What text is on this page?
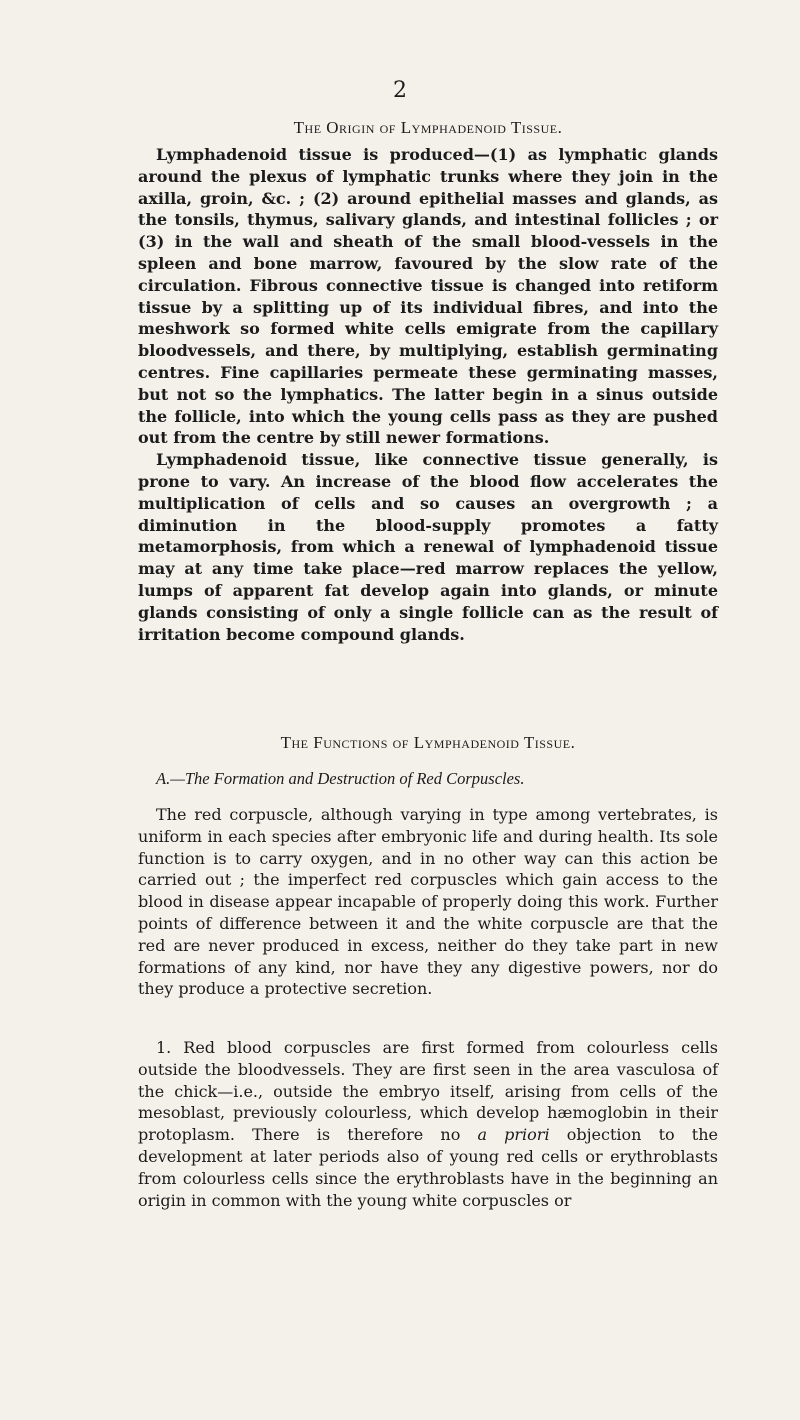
2
The Origin of Lymphadenoid Tissue.

Lymphadenoid tissue is produced—(1) as lymphatic glands around the plexus of lymphatic trunks where they join in the axilla, groin, &c. ; (2) around epithelial masses and glands, as the tonsils, thymus, salivary glands, and intestinal follicles ; or (3) in the wall and sheath of the small blood-vessels in the spleen and bone marrow, favoured by the slow rate of the circulation. Fibrous connective tissue is changed into retiform tissue by a splitting up of its individual fibres, and into the meshwork so formed white cells emigrate from the capillary bloodvessels, and there, by multiplying, establish germinating centres. Fine capillaries permeate these germinating masses, but not so the lymphatics. The latter begin in a sinus outside the follicle, into which the young cells pass as they are pushed out from the centre by still newer formations.

Lymphadenoid tissue, like connective tissue generally, is prone to vary. An increase of the blood flow accelerates the multiplication of cells and so causes an overgrowth ; a diminution in the blood-supply promotes a fatty metamorphosis, from which a renewal of lymphadenoid tissue may at any time take place—red marrow replaces the yellow, lumps of apparent fat develop again into glands, or minute glands consisting of only a single follicle can as the result of irritation become compound glands.

The Functions of Lymphadenoid Tissue.
A.—The Formation and Destruction of Red Corpuscles.

The red corpuscle, although varying in type among vertebrates, is uniform in each species after embryonic life and during health. Its sole function is to carry oxygen, and in no other way can this action be carried out ; the imperfect red corpuscles which gain access to the blood in disease appear incapable of properly doing this work. Further points of difference between it and the white corpuscle are that the red are never produced in excess, neither do they take part in new formations of any kind, nor have they any digestive powers, nor do they produce a protective secretion.

1. Red blood corpuscles are first formed from colourless cells outside the bloodvessels. They are first seen in the area vasculosa of the chick—i.e., outside the embryo itself, arising from cells of the mesoblast, previously colourless, which develop hæmoglobin in their protoplasm. There is therefore no a priori objection to the development at later periods also of young red cells or erythroblasts from colourless cells since the erythroblasts have in the beginning an origin in common with the young white corpuscles or
